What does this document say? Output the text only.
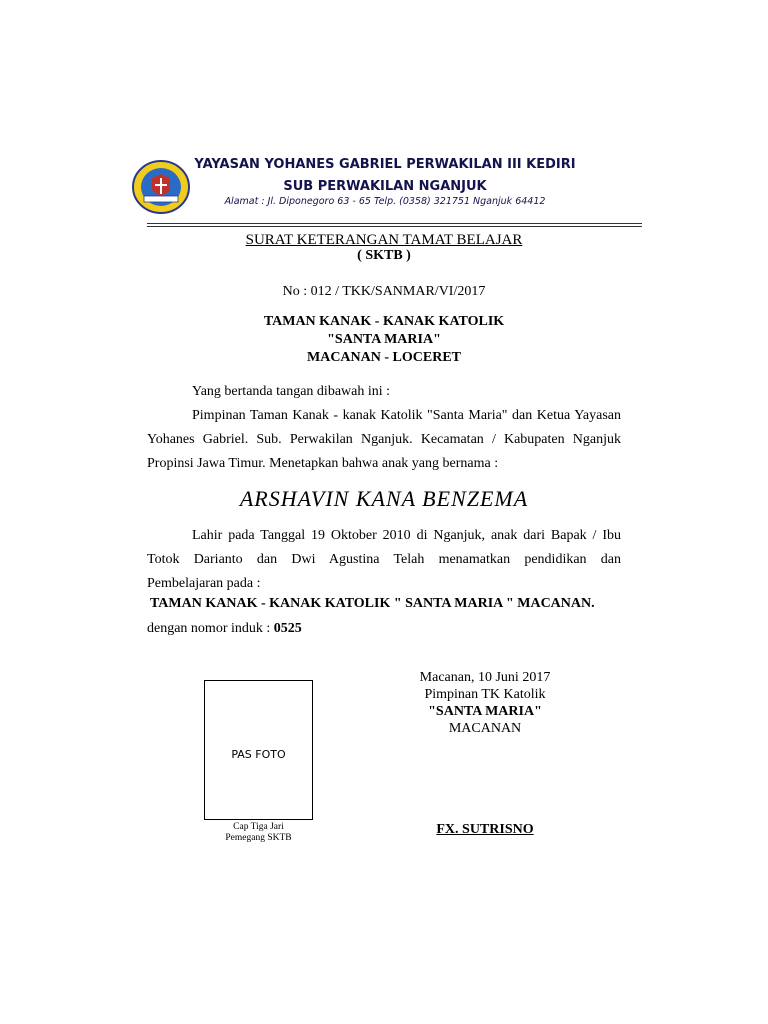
YAYASAN YOHANES GABRIEL PERWAKILAN III KEDIRI
SUB PERWAKILAN NGANJUK
Alamat : Jl. Diponegoro 63 - 65 Telp. (0358) 321751 Nganjuk 64412
SURAT KETERANGAN TAMAT BELAJAR
( SKTB )
No : 012 / TKK/SANMAR/VI/2017
TAMAN KANAK - KANAK KATOLIK
"SANTA MARIA"
MACANAN - LOCERET
Yang bertanda tangan dibawah ini :
Pimpinan Taman Kanak - kanak Katolik "Santa Maria" dan Ketua Yayasan
Yohanes Gabriel. Sub. Perwakilan Nganjuk. Kecamatan / Kabupaten Nganjuk
Propinsi Jawa Timur. Menetapkan bahwa anak yang bernama :
ARSHAVIN KANA BENZEMA
Lahir pada Tanggal 19 Oktober 2010 di Nganjuk, anak dari Bapak / Ibu
Totok Darianto dan Dwi Agustina Telah menamatkan pendidikan dan
Pembelajaran pada :
TAMAN KANAK - KANAK KATOLIK " SANTA MARIA " MACANAN.
dengan nomor induk : 0525
Macanan, 10 Juni 2017
Pimpinan TK Katolik
"SANTA MARIA"
MACANAN
PAS FOTO
Cap Tiga Jari
Pemegang SKTB
FX. SUTRISNO
